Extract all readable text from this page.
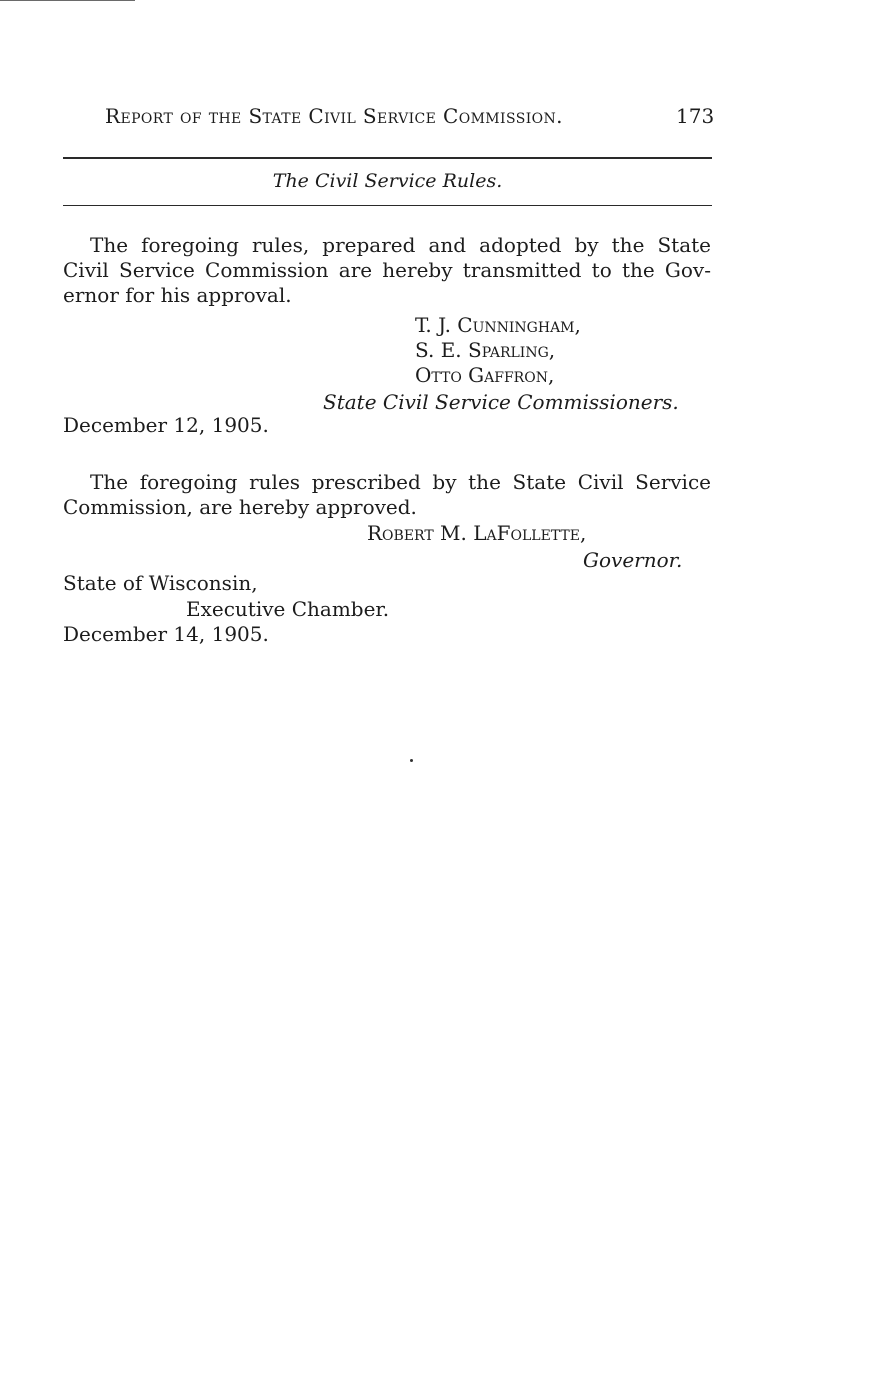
Report of the State Civil Service Commission.	173
The Civil Service Rules.

The foregoing rules, prepared and adopted by the State
Civil Service Commission are hereby transmitted to the Gov-
ernor for his approval.

T. J. Cunningham,
S. E. Sparling,
Otto Gaffron,
State Civil Service Commissioners.
December 12, 1905.

The foregoing rules prescribed by the State Civil Service
Commission, are hereby approved.

Robert M. LaFollette,
Governor.
State of Wisconsin,
Executive Chamber.
December 14, 1905.
